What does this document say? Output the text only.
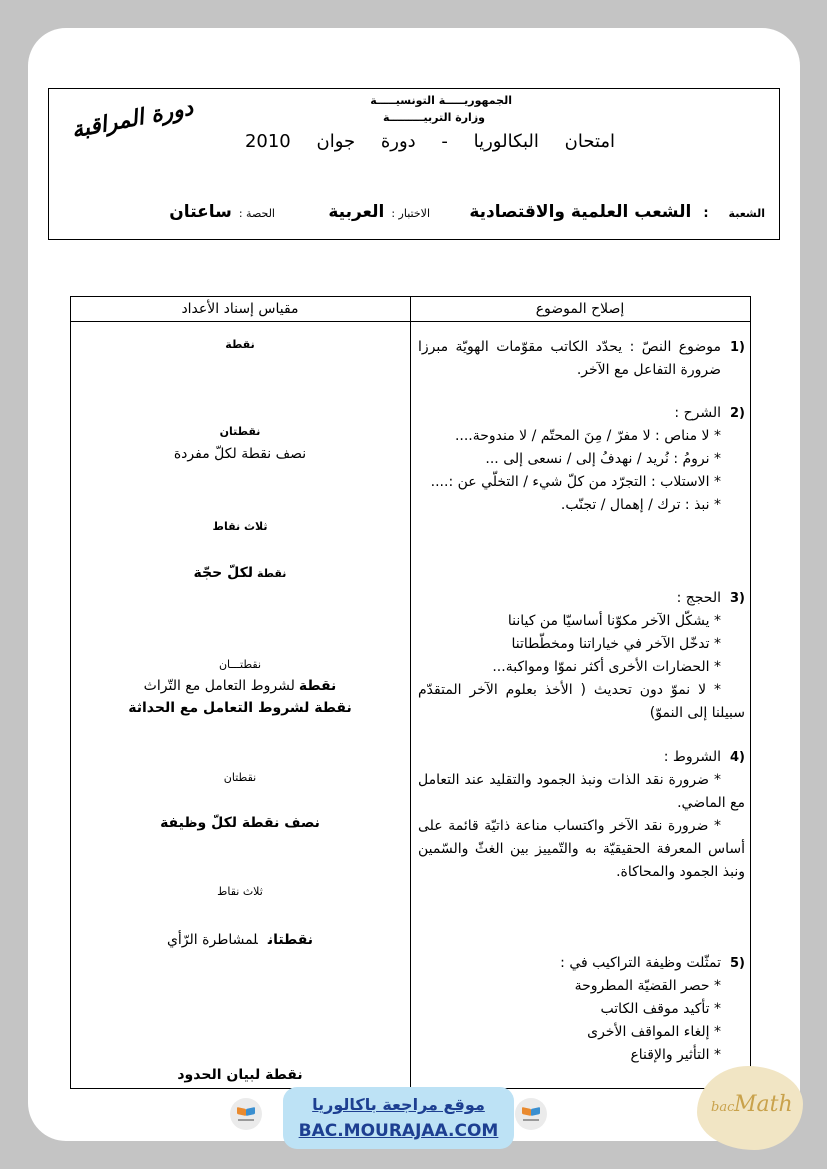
الجمهوريـــــة التونسيـــــة
وزارة التربيـــــــــة
امتحان البكالوريا - دورة جوان 2010
دورة المراقبة
الشعبة:الشعب العلمية والاقتصادية
الاختبار :العربية
الحصة :ساعتان
إصلاح الموضوع
مقياس إسناد الأعداد
1)
موضوع النصّ : يحدّد الكاتب مقوّمات الهويّة مبرزا ضرورة التفاعل مع الآخر.
2)
الشرح :
* لا مناص : لا مفرّ / مِنَ المحتّم / لا مندوحة....
* نرومُ : نُريد / نهدفُ إلى / نسعى إلى ...
* الاستلاب : التجرّد من كلّ شيء / التخلّي عن :....
* نبذ : ترك / إهمال / تجنّب.
3)
الحجج :
* يشكّل الآخر مكوّنا أساسيّا من كياننا
* تدخّل الآخر في خياراتنا ومخطّطاتنا
* الحضارات الأخرى أكثر نموّا ومواكبة...
* لا نموّ دون تحديث ( الأخذ بعلوم الآخر المتقدّم سبيلنا إلى النموّ)
4)
الشروط :
* ضرورة نقد الذات ونبذ الجمود والتقليد عند التعامل مع الماضي.
* ضرورة نقد الآخر واكتساب مناعة ذاتيّة قائمة على أساس المعرفة الحقيقيّة به والتّمييز بين الغثّ والسّمين ونبذ الجمود والمحاكاة.
5)
تمثّلت وظيفة التراكيب في :
* حصر القضيّة المطروحة
* تأكيد موقف الكاتب
* إلغاء المواقف الأخرى
* التأثير والإقناع
نقطة
نقطتان
نصف نقطة لكلّ مفردة
ثلاث نقاط
نقطةلكلّ حجّة
نقطتـــان
نقطةلشروط التعامل مع التّراث
نقطة لشروط التعامل مع الحداثة
نقطتان
نصف نقطة لكلّ وظيفة
ثلاث نقاط
نقطتانلمشاطرة الرّأي
نقطة لبيان الحدود
موقع مراجعة باكالوريا
BAC.MOURAJAA.COM
bac Math
